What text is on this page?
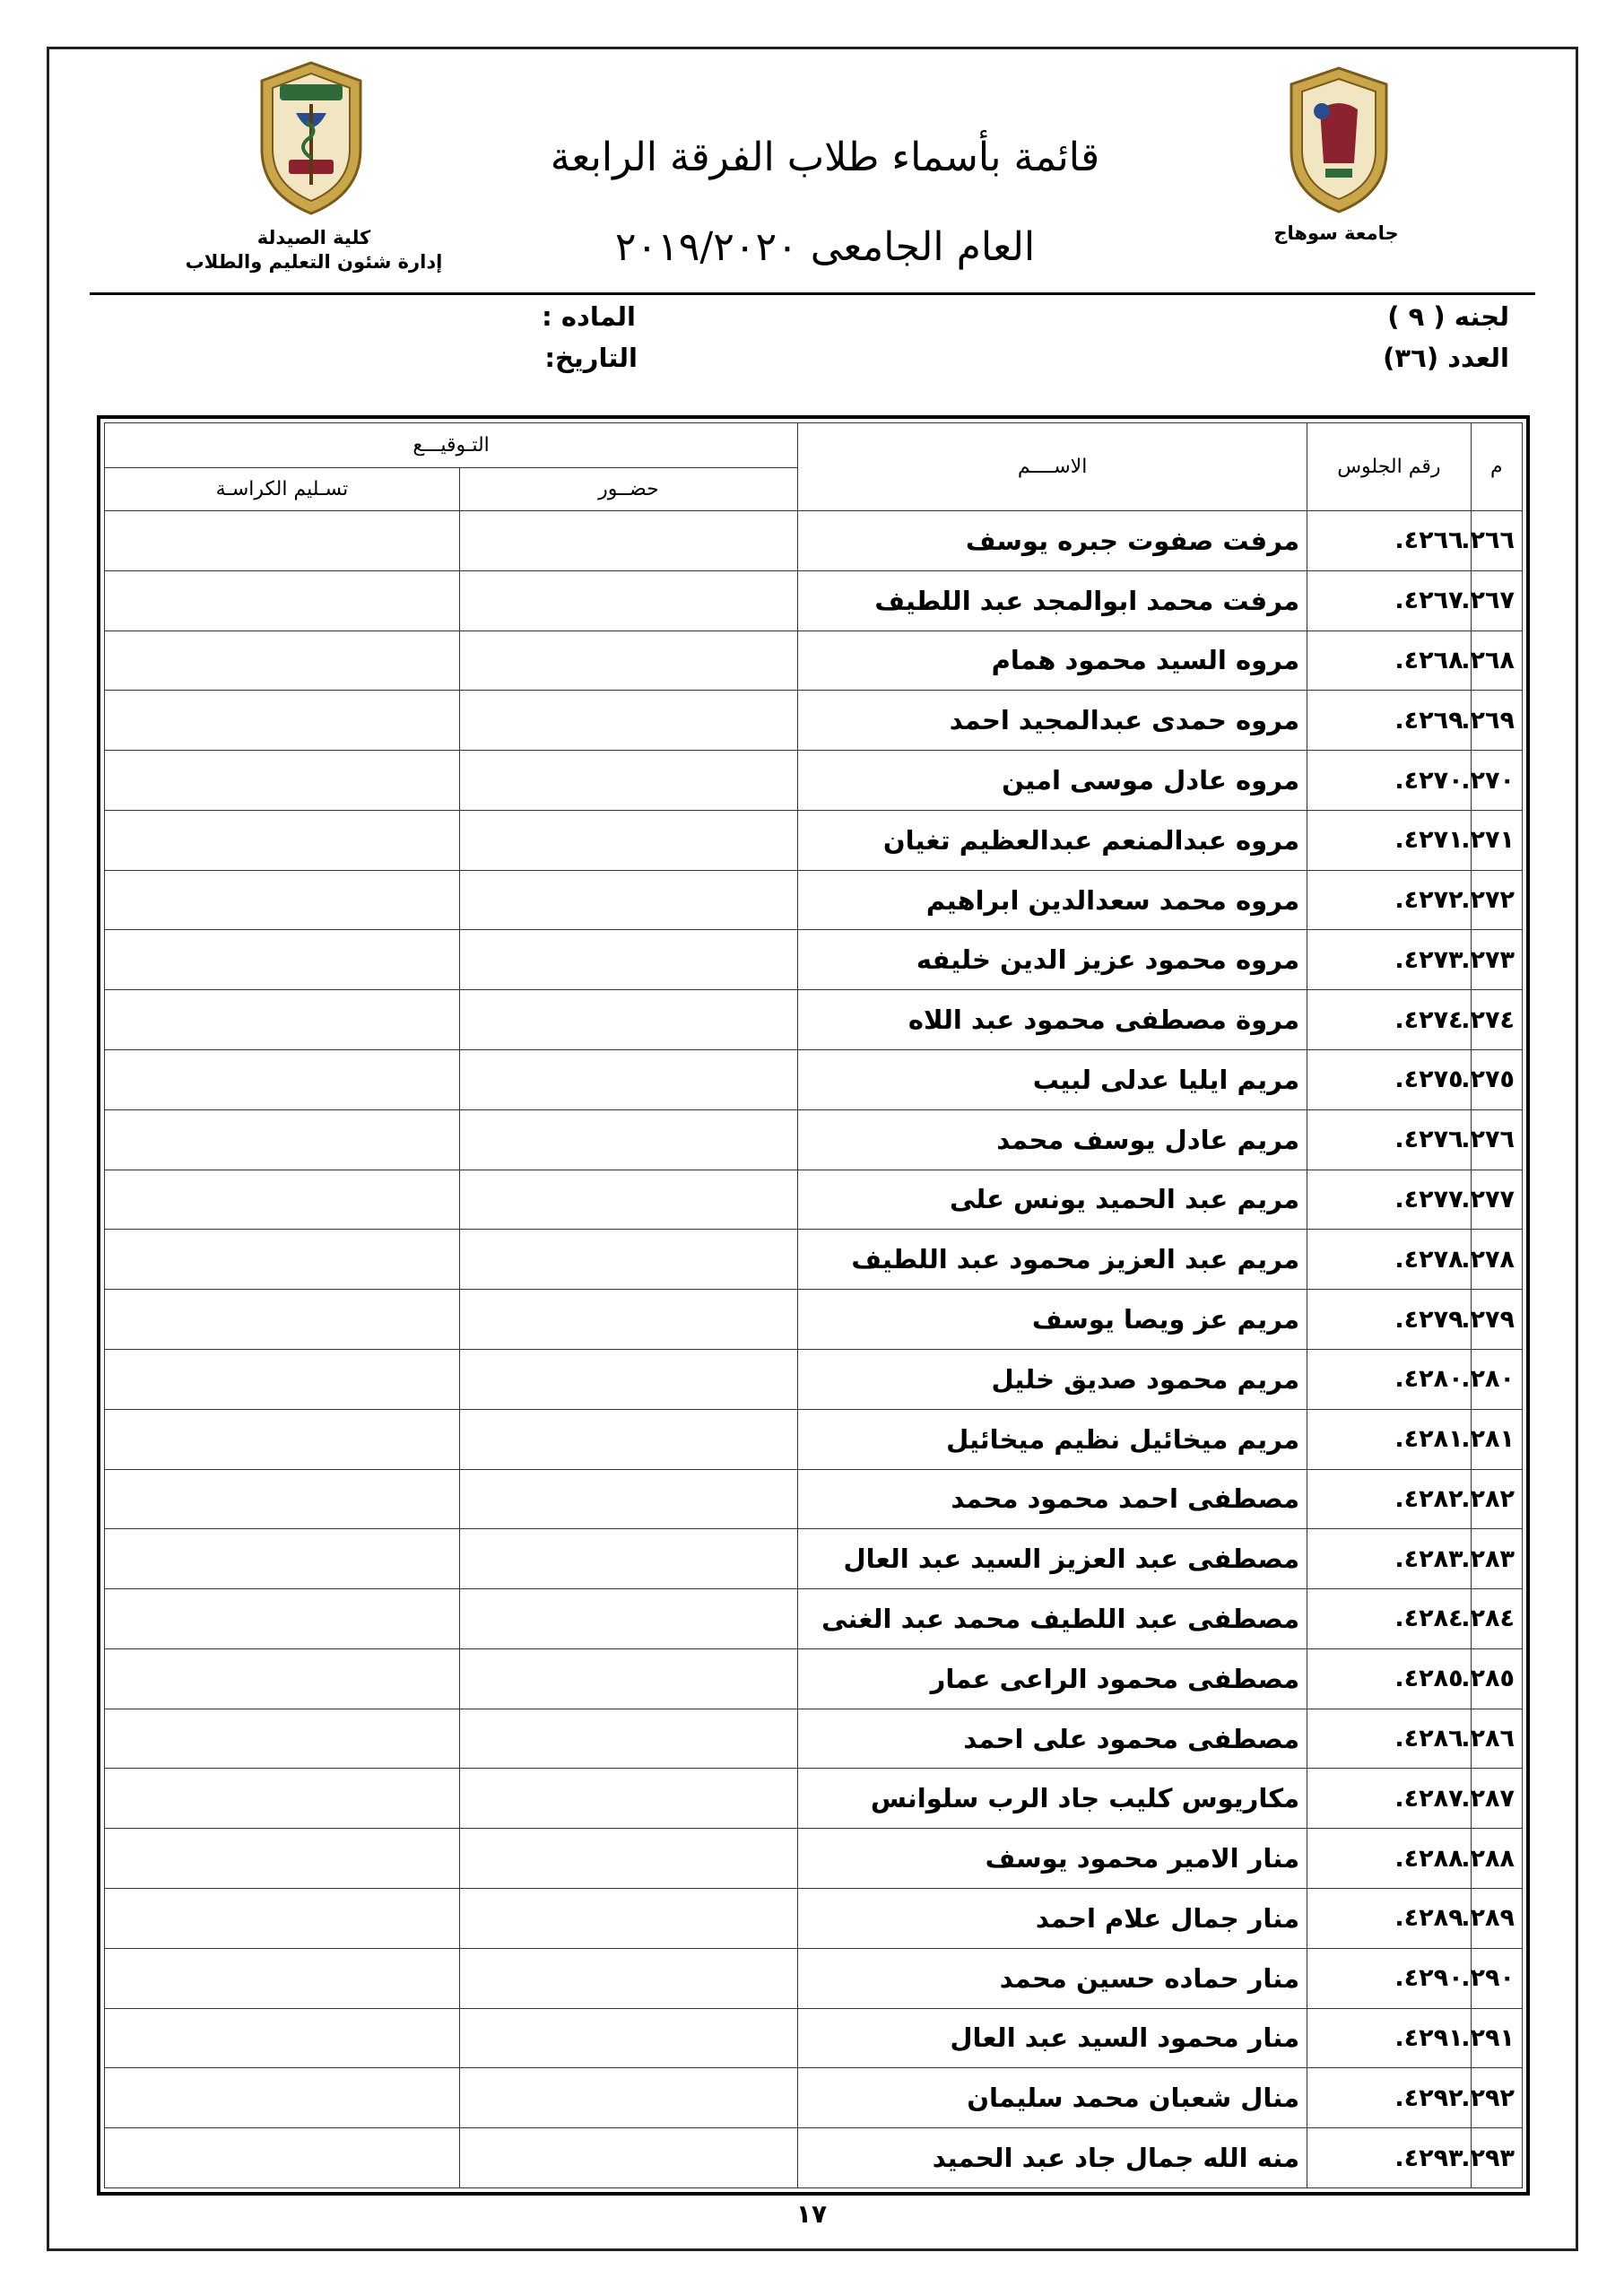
كلية الصيدلة
إدارة شئون التعليم والطلاب
جامعة سوهاج
قائمة بأسماء طلاب الفرقة الرابعة
العام الجامعى ٢٠١٩/٢٠٢٠
لجنه ( ٩ )
العدد (٣٦)
الماده :
التاريخ:
م	رقم الجلوس	الاســــم	التـوقيـــع	
			حضــور	تسـليم الكراسـة
٢٦٦.	٤٢٦٦.	مرفت صفوت جبره يوسف		
٢٦٧.	٤٢٦٧.	مرفت محمد ابوالمجد عبد اللطيف		
٢٦٨.	٤٢٦٨.	مروه السيد محمود همام		
٢٦٩.	٤٢٦٩.	مروه حمدى عبدالمجيد احمد		
٢٧٠.	٤٢٧٠.	مروه عادل موسى امين		
٢٧١.	٤٢٧١.	مروه عبدالمنعم عبدالعظيم تغيان		
٢٧٢.	٤٢٧٢.	مروه محمد سعدالدين ابراهيم		
٢٧٣.	٤٢٧٣.	مروه محمود عزيز الدين خليفه		
٢٧٤.	٤٢٧٤.	مروة مصطفى محمود عبد اللاه		
٢٧٥.	٤٢٧٥.	مريم ايليا عدلى لبيب		
٢٧٦.	٤٢٧٦.	مريم عادل يوسف محمد		
٢٧٧.	٤٢٧٧.	مريم عبد الحميد يونس على		
٢٧٨.	٤٢٧٨.	مريم عبد العزيز محمود عبد اللطيف		
٢٧٩.	٤٢٧٩.	مريم عز ويصا يوسف		
٢٨٠.	٤٢٨٠.	مريم محمود صديق خليل		
٢٨١.	٤٢٨١.	مريم ميخائيل نظيم ميخائيل		
٢٨٢.	٤٢٨٢.	مصطفى احمد محمود محمد		
٢٨٣.	٤٢٨٣.	مصطفى عبد العزيز السيد عبد العال		
٢٨٤.	٤٢٨٤.	مصطفى عبد اللطيف محمد عبد الغنى		
٢٨٥.	٤٢٨٥.	مصطفى محمود الراعى عمار		
٢٨٦.	٤٢٨٦.	مصطفى محمود على احمد		
٢٨٧.	٤٢٨٧.	مكاريوس كليب جاد الرب سلوانس		
٢٨٨.	٤٢٨٨.	منار الامير محمود يوسف		
٢٨٩.	٤٢٨٩.	منار جمال علام احمد		
٢٩٠.	٤٢٩٠.	منار حماده حسين محمد		
٢٩١.	٤٢٩١.	منار محمود السيد عبد العال		
٢٩٢.	٤٢٩٢.	منال شعبان محمد سليمان		
٢٩٣.	٤٢٩٣.	منه الله جمال جاد عبد الحميد		
١٧
